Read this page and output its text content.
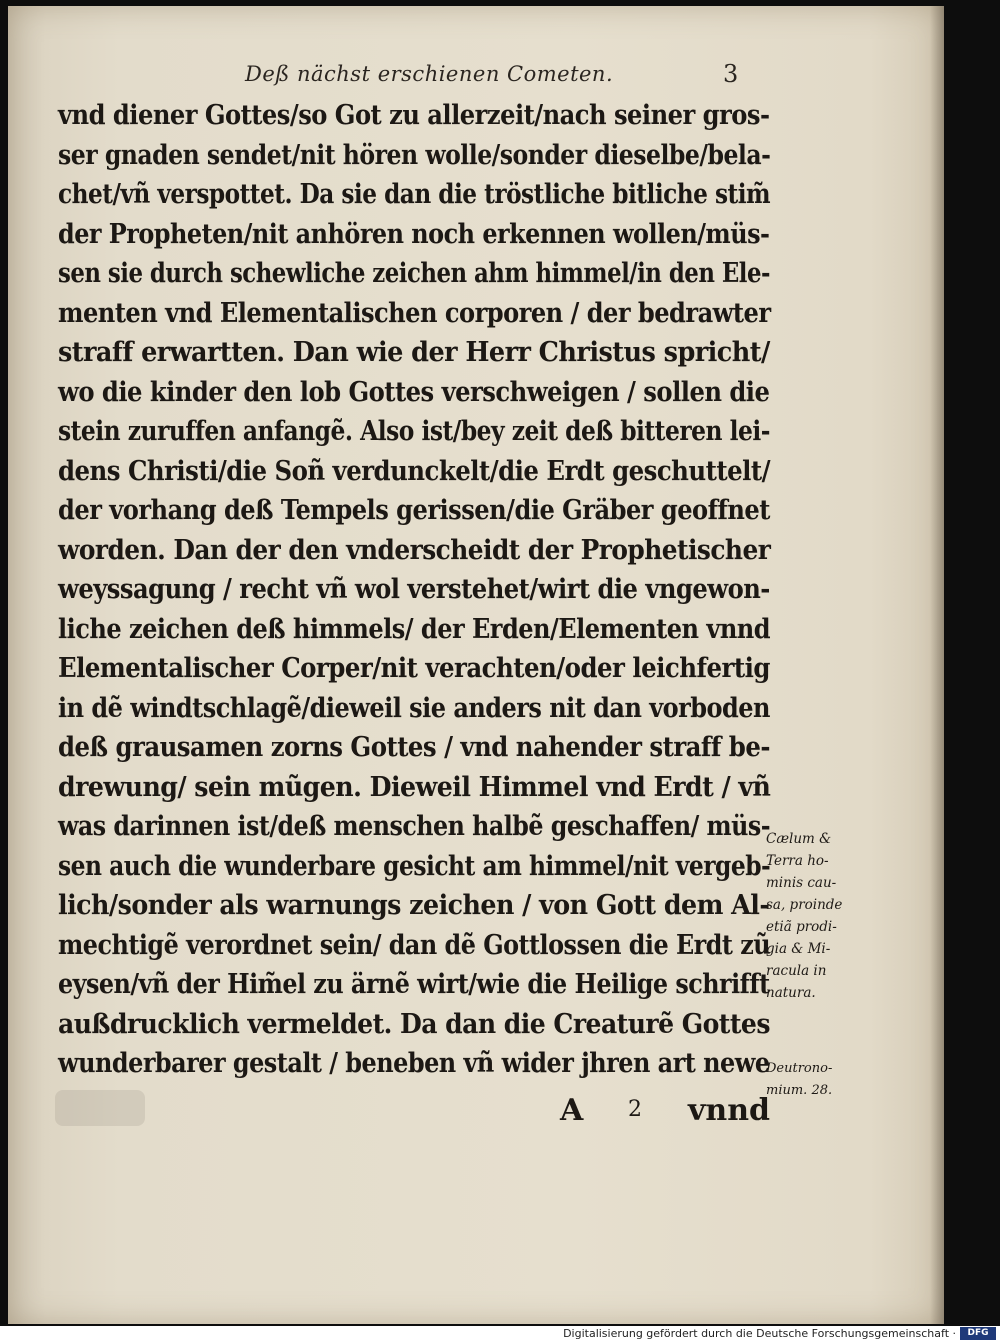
Deß nächst erschienen Cometen.	3
vnd diener Gottes/so Got zu allerzeit/nach seiner gros-
ser gnaden sendet/nit hören wolle/sonder dieselbe/bela-
chet/vñ verspottet. Da sie dan die tröstliche bitliche stim̃
der Propheten/nit anhören noch erkennen wollen/müs-
sen sie durch schewliche zeichen ahm himmel/in den Ele-
menten vnd Elementalischen corporen / der bedrawter
straff erwartten. Dan wie der Herr Christus spricht/
wo die kinder den lob Gottes verschweigen / sollen die
stein zuruffen anfangẽ. Also ist/bey zeit deß bitteren lei-
dens Christi/die Soñ verdunckelt/die Erdt geschuttelt/
der vorhang deß Tempels gerissen/die Gräber geoffnet
worden. Dan der den vnderscheidt der Prophetischer
weyssagung / recht vñ wol verstehet/wirt die vngewon-
liche zeichen deß himmels/ der Erden/Elementen vnnd
Elementalischer Corper/nit verachten/oder leichfertig
in dẽ windtschlagẽ/dieweil sie anders nit dan vorboden
deß grausamen zorns Gottes / vnd nahender straff be-
drewung/ sein mũgen. Dieweil Himmel vnd Erdt / vñ
was darinnen ist/deß menschen halbẽ geschaffen/ müs-
sen auch die wunderbare gesicht am himmel/nit vergeb-
lich/sonder als warnungs zeichen / von Gott dem Al-
mechtigẽ verordnet sein/ dan dẽ Gottlossen die Erdt zũ
eysen/vñ der Him̃el zu ärnẽ wirt/wie die Heilige schrifft
außdrucklich vermeldet. Da dan die Creaturẽ Gottes
wunderbarer gestalt / beneben vñ wider jhren art newe
Cælum &
Terra ho-
minis cau-
sa, proinde
etiã prodi-
gia & Mi-
racula in
natura.
Deutrono-
mium. 28.
A 2 vnnd
Digitalisierung gefördert durch die Deutsche Forschungsgemeinschaft ·	DFG
